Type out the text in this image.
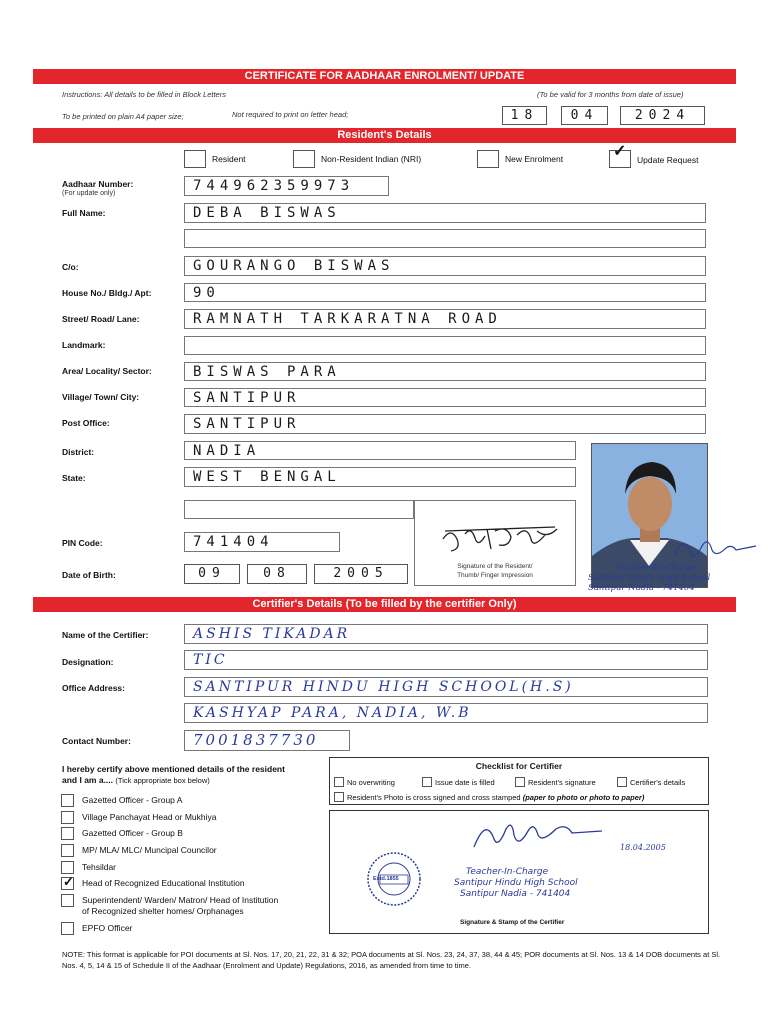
CERTIFICATE FOR AADHAAR ENROLMENT/ UPDATE
Instructions: All details to be filled in Block Letters
To be printed on plain A4 paper size;	Not required to print on letter head;
(To be valid for 3 months from date of issue)
18	04	2024
Resident's Details
Resident	Non-Resident Indian (NRI)	New Enrolment	✓ Update Request
Aadhaar Number:
(For update only)	744962359973
Full Name:	DEBA BISWAS
C/o:	GOURANGO BISWAS
House No./ Bldg./ Apt:	90
Street/ Road/ Lane:	RAMNATH TARKARATNA ROAD
Landmark:
Area/ Locality/ Sector:	BISWAS PARA
Village/ Town/ City:	SANTIPUR
Post Office:	SANTIPUR
District:	NADIA
State:	WEST BENGAL
PIN Code:	741404
Date of Birth:	09	08	2005	Signature of the Resident/
Thumb/ Finger Impression
Teacher-In-Charge
Santipur Hindu High School
Santipur Nadia - 741404
Certifier's Details (To be filled by the certifier Only)
Name of the Certifier:	ASHIS TIKADAR
Designation:	TIC
Office Address:	SANTIPUR HINDU HIGH SCHOOL(H.S)
KASHYAP PARA, NADIA, W.B
Contact Number:	7001837730
I hereby certify above mentioned details of the resident
and I am a.... (Tick appropriate box below)
Gazetted Officer - Group A
Village Panchayat Head or Mukhiya
Gazetted Officer - Group B
MP/ MLA/ MLC/ Muncipal Councilor
Tehsildar
✓ Head of Recognized Educational Institution
Superintendent/ Warden/ Matron/ Head of Institution
of Recognized shelter homes/ Orphanages
EPFO Officer
Checklist for Certifier
No overwriting	Issue date is filled	Resident's signature	Certifier's details
Resident's Photo is cross signed and cross stamped (paper to photo or photo to paper)
18.04.2005
Estd.1855
Teacher-In-Charge
Santipur Hindu High School
Santipur Nadia - 741404
Signature & Stamp of the Certifier
NOTE: This format is applicable for POI documents at Sl. Nos. 17, 20, 21, 22, 31 & 32; POA documents at Sl. Nos. 23, 24, 37, 38, 44 & 45; POR documents at Sl. Nos. 13 & 14 DOB documents at Sl. Nos. 4, 5, 14 & 15 of Schedule II of the Aadhaar (Enrolment and Update) Regulations, 2016, as amended from time to time.
